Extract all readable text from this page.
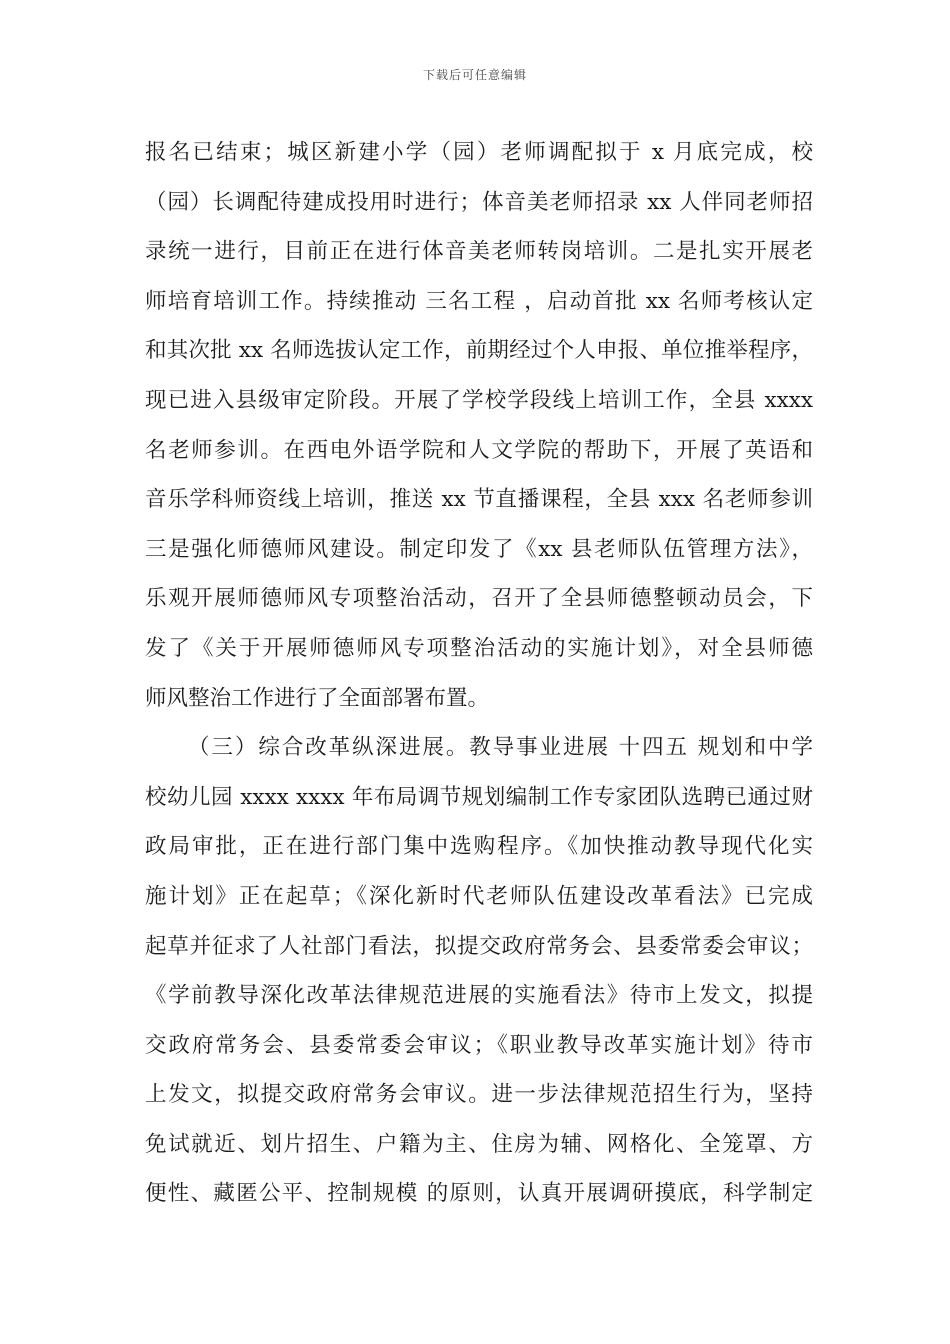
下载后可任意编辑
报名已结束；城区新建小学（园）老师调配拟于 x 月底完成，校
（园）长调配待建成投用时进行；体音美老师招录 xx 人伴同老师招
录统一进行，目前正在进行体音美老师转岗培训。二是扎实开展老
师培育培训工作。持续推动 三名工程 ，启动首批 xx 名师考核认定
和其次批 xx 名师选拔认定工作，前期经过个人申报、单位推举程序，
现已进入县级审定阶段。开展了学校学段线上培训工作，全县 xxxx
名老师参训。在西电外语学院和人文学院的帮助下，开展了英语和
音乐学科师资线上培训，推送 xx 节直播课程，全县 xxx 名老师参训
三是强化师德师风建设。制定印发了《xx 县老师队伍管理方法》，
乐观开展师德师风专项整治活动，召开了全县师德整顿动员会，下
发了《关于开展师德师风专项整治活动的实施计划》，对全县师德
师风整治工作进行了全面部署布置。
（三）综合改革纵深进展。教导事业进展 十四五 规划和中学
校幼儿园 xxxx xxxx 年布局调节规划编制工作专家团队选聘已通过财
政局审批，正在进行部门集中选购程序。《加快推动教导现代化实
施计划》正在起草；《深化新时代老师队伍建设改革看法》已完成
起草并征求了人社部门看法，拟提交政府常务会、县委常委会审议；
《学前教导深化改革法律规范进展的实施看法》待市上发文，拟提
交政府常务会、县委常委会审议；《职业教导改革实施计划》待市
上发文，拟提交政府常务会审议。进一步法律规范招生行为，坚持
免试就近、划片招生、户籍为主、住房为辅、网格化、全笼罩、方
便性、藏匿公平、控制规模 的原则，认真开展调研摸底，科学制定
